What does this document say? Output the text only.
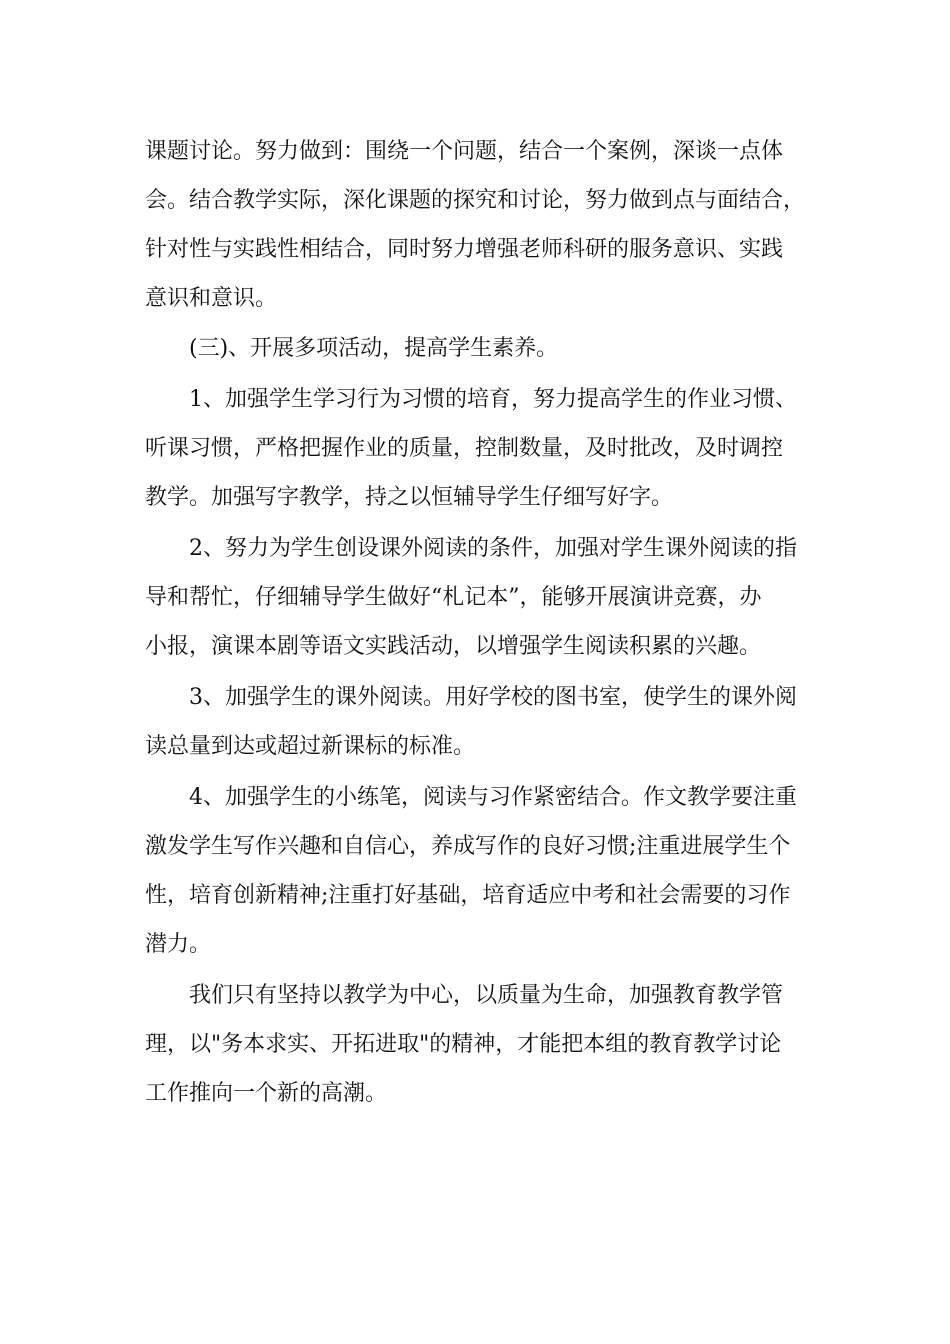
课题讨论。努力做到：围绕一个问题，结合一个案例，深谈一点体

会。结合教学实际，深化课题的探究和讨论，努力做到点与面结合，

针对性与实践性相结合，同时努力增强老师科研的服务意识、实践

意识和意识。

(三)、开展多项活动，提高学生素养。

1、加强学生学习行为习惯的培育，努力提高学生的作业习惯、

听课习惯，严格把握作业的质量，控制数量，及时批改，及时调控

教学。加强写字教学，持之以恒辅导学生仔细写好字。

2、努力为学生创设课外阅读的条件，加强对学生课外阅读的指

导和帮忙，仔细辅导学生做好“札记本”，能够开展演讲竞赛，办

小报，演课本剧等语文实践活动，以增强学生阅读积累的兴趣。

3、加强学生的课外阅读。用好学校的图书室，使学生的课外阅

读总量到达或超过新课标的标准。

4、加强学生的小练笔，阅读与习作紧密结合。作文教学要注重

激发学生写作兴趣和自信心，养成写作的良好习惯;注重进展学生个

性，培育创新精神;注重打好基础，培育适应中考和社会需要的习作

潜力。

我们只有坚持以教学为中心，以质量为生命，加强教育教学管

理，以"务本求实、开拓进取"的精神，才能把本组的教育教学讨论

工作推向一个新的高潮。
